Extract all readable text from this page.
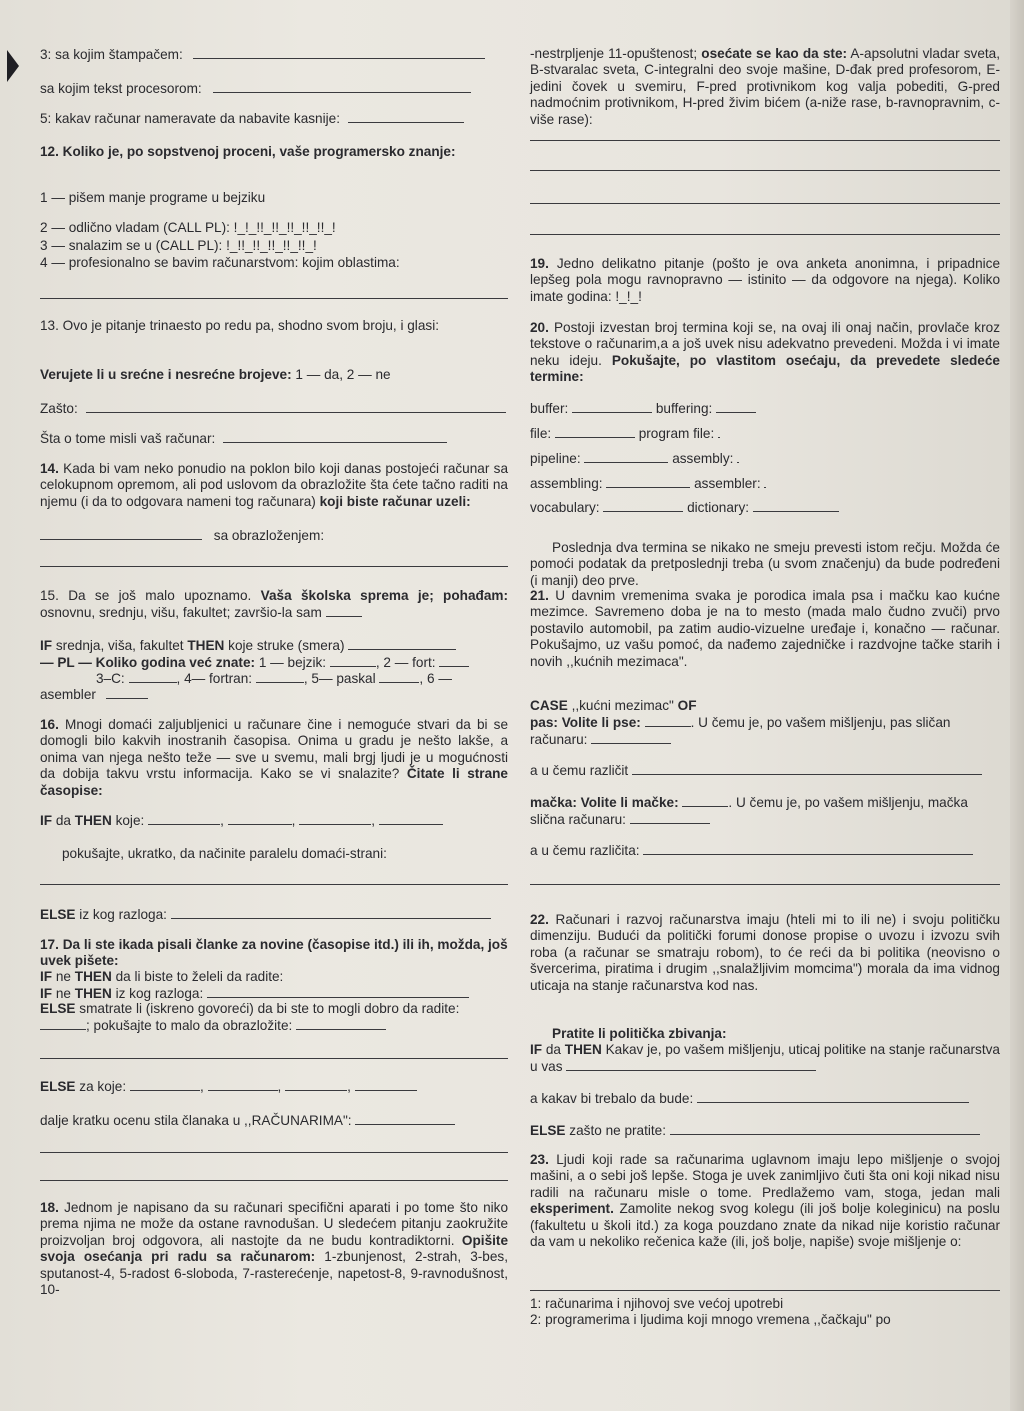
3: sa kojim štampačem:
sa kojim tekst procesorom:
5: kakav računar nameravate da nabavite kasnije:

12. Koliko je, po sopstvenoj proceni, vaše programersko znanje:

1 — pišem manje programe u bejziku

2 — odlično vladam (CALL PL): !_!_!!_!!_!!_!!_!!_!

3 — snalazim se u (CALL PL): !_!!_!!_!!_!!_!!_!

4 — profesionalno se bavim računarstvom: kojim oblastima:

13. Ovo je pitanje trinaesto po redu pa, shodno svom broju, i glasi:

Verujete li u srećne i nesrećne brojeve: 1 — da, 2 — ne
Zašto:
Šta o tome misli vaš računar:

14. Kada bi vam neko ponudio na poklon bilo koji danas postojeći računar sa celokupnom opremom, ali pod uslovom da obrazložite šta ćete tačno raditi na njemu (i da to odgovara nameni tog računara) koji biste računar uzeli:

sa obrazloženjem:

15. Da se još malo upoznamo. Vaša školska sprema je; pohađam: osnovnu, srednju, višu, fakultet; završio-la sam

IF srednja, viša, fakultet THEN koje struke (smera)
— PL — Koliko godina već znate: 1 — bejzik:	, 2 — fort:
3–C:	, 4— fortran:	, 5— paskal	, 6 —
asembler

16. Mnogi domaći zaljubljenici u računare čine i nemoguće stvari da bi se domogli bilo kakvih inostranih časopisa. Onima u gradu je nešto lakše, a onima van njega nešto teže — sve u svemu, mali brgj ljudi je u mogućnosti da dobija takvu vrstu informacija. Kako se vi snalazite? Čitate li strane časopise:

IF da THEN koje:	,	,	,

pokušajte, ukratko, da načinite paralelu domaći-strani:

ELSE iz kog razloga:

17. Da li ste ikada pisali članke za novine (časopise itd.) ili ih, možda, još uvek pišete:

IF ne THEN da li biste to želeli da radite:
IF ne THEN iz kog razloga:

ELSE smatrate li (iskreno govoreći) da bi ste to mogli dobro da radite: ; pokušajte to malo da obrazložite:

ELSE za koje:	,	,	,
dalje kratku ocenu stila članaka u ,,RAČUNARIMA":

18. Jednom je napisano da su računari specifični aparati i po tome što niko prema njima ne može da ostane ravnodušan. U sledećem pitanju zaokružite proizvoljan broj odgovora, ali nastojte da ne budu kontradiktorni. Opišite svoja osećanja pri radu sa računarom: 1-zbunjenost, 2-strah, 3-bes, sputanost-4, 5-radost 6-sloboda, 7-rasterećenje, napetost-8, 9-ravnodušnost, 10-

-nestrpljenje 11-opuštenost; osećate se kao da ste: A-apsolutni vladar sveta, B-stvaralac sveta, C-integralni deo svoje mašine, D-đak pred profesorom, E-jedini čovek u svemiru, F-pred protivnikom kog valja pobediti, G-pred nadmoćnim protivnikom, H-pred živim bićem (a-niže rase, b-ravnopravnim, c-više rase):

19. Jedno delikatno pitanje (pošto je ova anketa anonimna, i pripadnice lepšeg pola mogu ravnopravno — istinito — da odgovore na njega). Koliko imate godina: !_!_!

20. Postoji izvestan broj termina koji se, na ovaj ili onaj način, provlače kroz tekstove o računarim,a a još uvek nisu adekvatno prevedeni. Možda i vi imate neku ideju. Pokušajte, po vlastitom osećaju, da prevedete sledeće termine:

buffer:	buffering:
file:	program file:
pipeline:	assembly:
assembling:	assembler:
vocabulary:	dictionary:

Poslednja dva termina se nikako ne smeju prevesti istom rečju. Možda će pomoći podatak da pretposlednji treba (u svom značenju) da bude podređeni (i manji) deo prve.

21. U davnim vremenima svaka je porodica imala psa i mačku kao kućne mezimce. Savremeno doba je na to mesto (mada malo čudno zvuči) prvo postavilo automobil, pa zatim audio-vizuelne uređaje i, konačno — računar. Pokušajmo, uz vašu pomoć, da nađemo zajedničke i razdvojne tačke starih i novih ,,kućnih mezimaca".

CASE ,,kućni mezimac" OF

pas: Volite li pse:	. U čemu je, po vašem mišljenju, pas sličan računaru:

a u čemu različit

mačka: Volite li mačke:	. U čemu je, po vašem mišljenju, mačka slična računaru:

a u čemu različita:

22. Računari i razvoj računarstva imaju (hteli mi to ili ne) i svoju političku dimenziju. Budući da politički forumi donose propise o uvozu i izvozu svih roba (a računar se smatraju robom), to će reći da bi politika (neovisno o švercerima, piratima i drugim ,,snalažljivim momcima") morala da ima vidnog uticaja na stanje računarstva kod nas.

Pratite li politička zbivanja:

IF da THEN Kakav je, po vašem mišljenju, uticaj politike na stanje računarstva u vas

a kakav bi trebalo da bude:
ELSE zašto ne pratite:

23. Ljudi koji rade sa računarima uglavnom imaju lepo mišljenje o svojoj mašini, a o sebi još lepše. Stoga je uvek zanimljivo čuti šta oni koji nikad nisu radili na računaru misle o tome. Predlažemo vam, stoga, jedan mali eksperiment. Zamolite nekog svog kolegu (ili još bolje koleginicu) na poslu (fakultetu u školi itd.) za koga pouzdano znate da nikad nije koristio računar da vam u nekoliko rečenica kaže (ili, još bolje, napiše) svoje mišljenje o:

1: računarima i njihovoj sve većoj upotrebi

2: programerima i ljudima koji mnogo vremena ,,čačkaju" po
